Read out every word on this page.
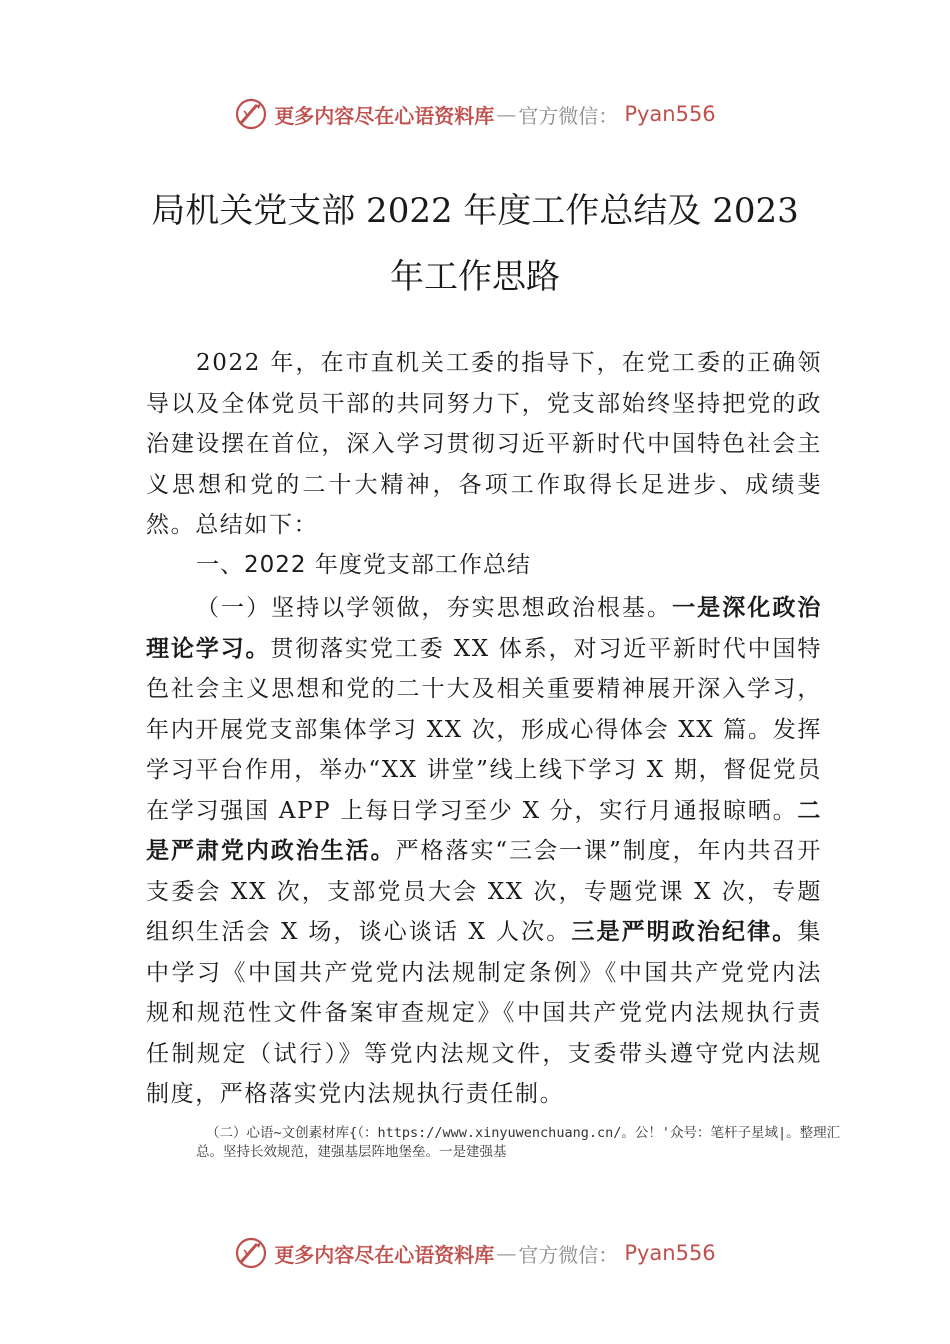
更多内容尽在心语资料库 — 官方微信： Pyan556
局机关党支部 2022 年度工作总结及 2023
年工作思路

2022 年，在市直机关工委的指导下，在党工委的正确领导以及全体党员干部的共同努力下，党支部始终坚持把党的政治建设摆在首位，深入学习贯彻习近平新时代中国特色社会主义思想和党的二十大精神，各项工作取得长足进步、成绩斐然。总结如下：

一、2022 年度党支部工作总结

（一）坚持以学领做，夯实思想政治根基。一是深化政治理论学习。贯彻落实党工委 XX 体系，对习近平新时代中国特色社会主义思想和党的二十大及相关重要精神展开深入学习，年内开展党支部集体学习 XX 次，形成心得体会 XX 篇。发挥学习平台作用，举办“XX 讲堂”线上线下学习 X 期，督促党员在学习强国 APP 上每日学习至少 X 分，实行月通报晾晒。二是严肃党内政治生活。严格落实“三会一课”制度，年内共召开支委会 XX 次，支部党员大会 XX 次，专题党课 X 次，专题组织生活会 X 场，谈心谈话 X 人次。三是严明政治纪律。集中学习《中国共产党党内法规制定条例》《中国共产党党内法规和规范性文件备案审查规定》《中国共产党党内法规执行责任制规定（试行）》等党内法规文件，支委带头遵守党内法规制度，严格落实党内法规执行责任制。

（二）心语~文创素材库{（：https://www.xinyuwenchuang.cn/。公！'众号：笔杆子星域|。整理汇总。坚持长效规范，建强基层阵地堡垒。一是建强基

更多内容尽在心语资料库 — 官方微信： Pyan556
